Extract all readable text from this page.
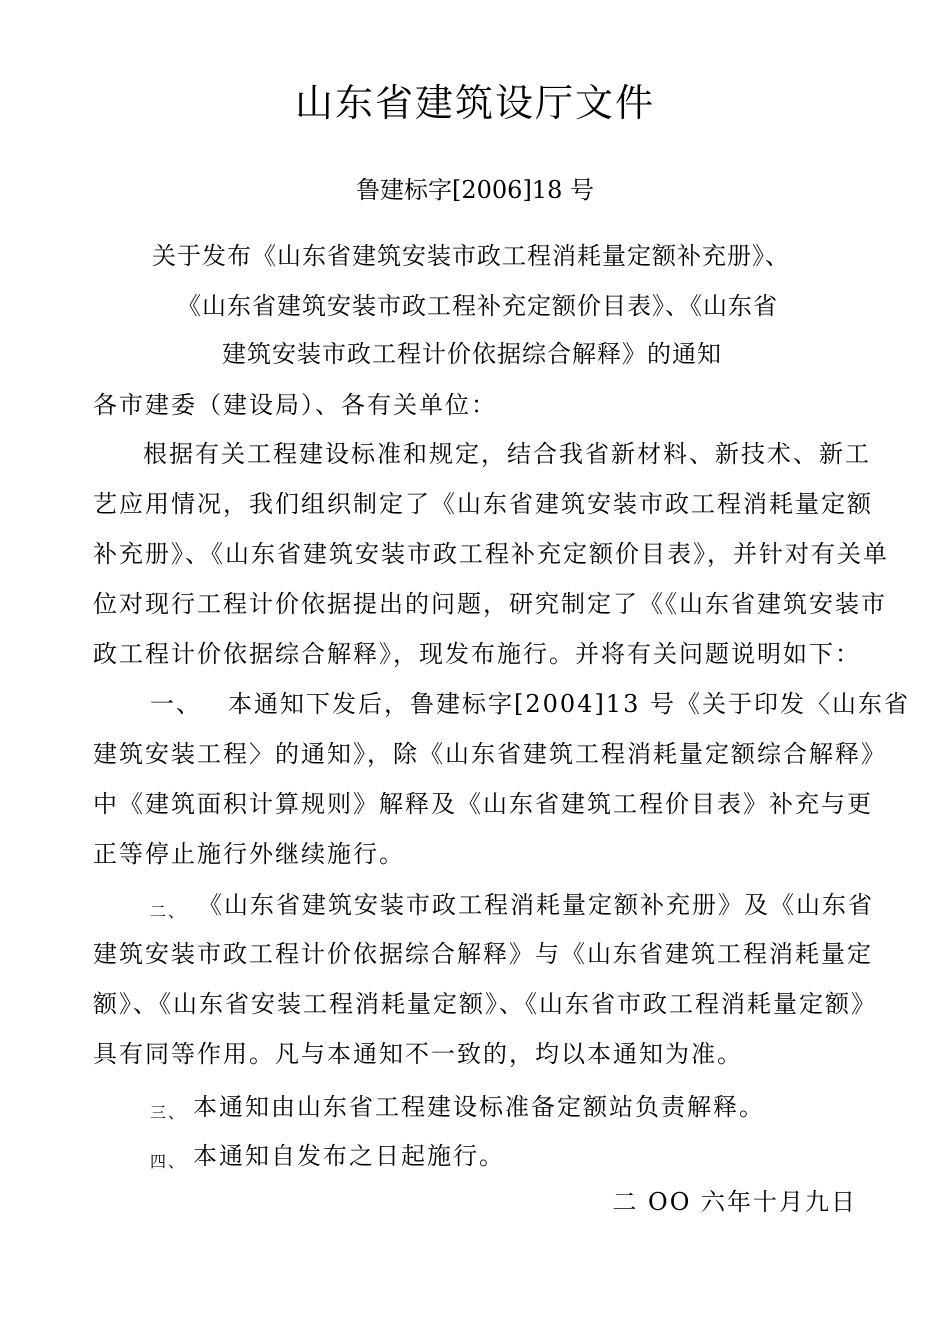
山东省建筑设厅文件
鲁建标字[2006]18 号
关于发布《山东省建筑安装市政工程消耗量定额补充册》、
《山东省建筑安装市政工程补充定额价目表》、《山东省
建筑安装市政工程计价依据综合解释》的通知
各市建委（建设局）、各有关单位：
根据有关工程建设标准和规定，结合我省新材料、新技术、新工
艺应用情况，我们组织制定了《山东省建筑安装市政工程消耗量定额
补充册》、《山东省建筑安装市政工程补充定额价目表》，并针对有关单
位对现行工程计价依据提出的问题，研究制定了《《山东省建筑安装市
政工程计价依据综合解释》，现发布施行。并将有关问题说明如下：
一、 本通知下发后，鲁建标字[2004]13 号《关于印发〈山东省
建筑安装工程〉的通知》，除《山东省建筑工程消耗量定额综合解释》
中《建筑面积计算规则》解释及《山东省建筑工程价目表》补充与更
正等停止施行外继续施行。
二、 《山东省建筑安装市政工程消耗量定额补充册》及《山东省
建筑安装市政工程计价依据综合解释》与《山东省建筑工程消耗量定
额》、《山东省安装工程消耗量定额》、《山东省市政工程消耗量定额》
具有同等作用。凡与本通知不一致的，均以本通知为准。
三、 本通知由山东省工程建设标准备定额站负责解释。
四、 本通知自发布之日起施行。
二 OO 六年十月九日
